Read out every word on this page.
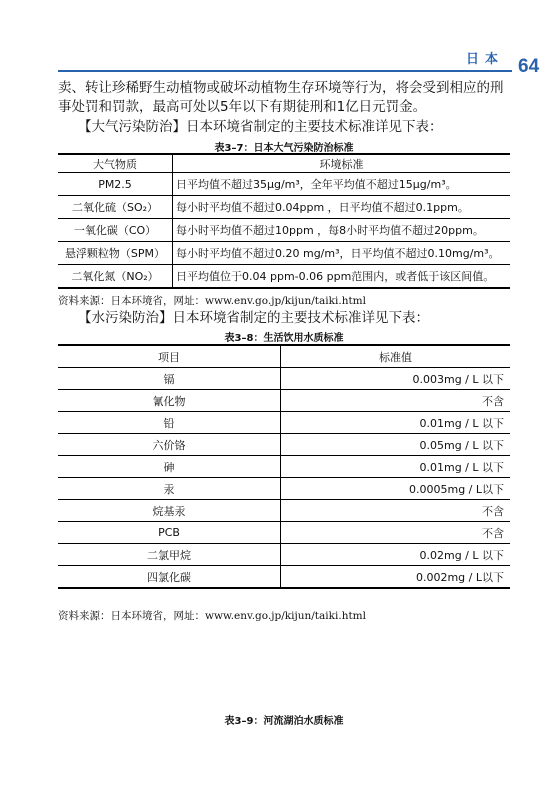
日本 64

卖、转让珍稀野生动植物或破坏动植物生存环境等行为，将会受到相应的刑事处罚和罚款，最高可处以5年以下有期徒刑和1亿日元罚金。

【大气污染防治】日本环境省制定的主要技术标准详见下表：

表3–7：日本大气污染防治标准
大气物质	环境标准
PM2.5	日平均值不超过35μg/m³，全年平均值不超过15μg/m³。
二氧化硫（SO₂）	每小时平均值不超过0.04ppm ，日平均值不超过0.1ppm。
一氧化碳（CO）	每小时平均值不超过10ppm ，每8小时平均值不超过20ppm。
悬浮颗粒物（SPM）	每小时平均值不超过0.20 mg/m³，日平均值不超过0.10mg/m³。
二氧化氮（NO₂）	日平均值位于0.04 ppm-0.06 ppm范围内，或者低于该区间值。
资料来源：日本环境省，网址：www.env.go.jp/kijun/taiki.html

【水污染防治】日本环境省制定的主要技术标准详见下表：

表3–8：生活饮用水质标准
项目	标准值
镉	0.003mg / L 以下
氰化物	不含
铅	0.01mg / L 以下
六价铬	0.05mg / L 以下
砷	0.01mg / L 以下
汞	0.0005mg / L以下
烷基汞	不含
PCB	不含
二氯甲烷	0.02mg / L 以下
四氯化碳	0.002mg / L以下
资料来源：日本环境省，网址：www.env.go.jp/kijun/taiki.html
表3–9：河流湖泊水质标准
